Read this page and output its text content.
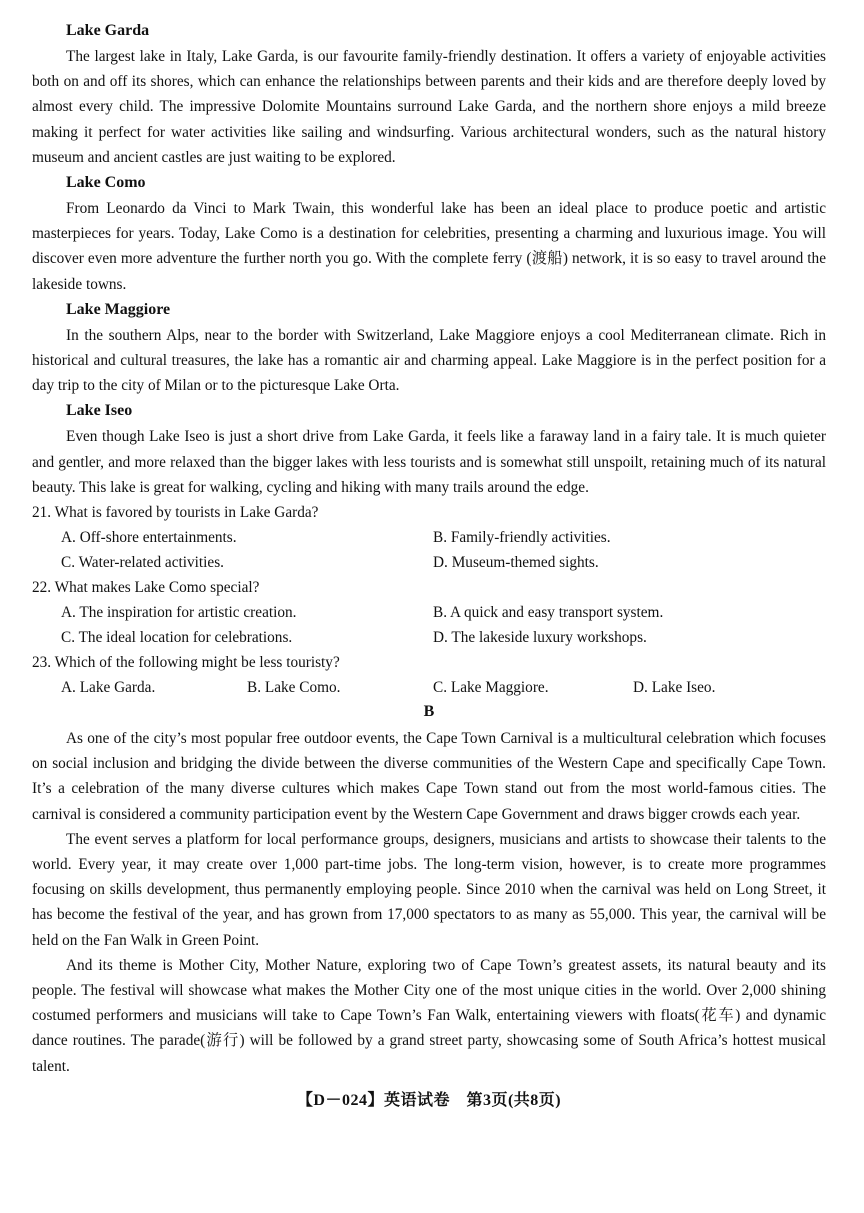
Lake Garda

The largest lake in Italy, Lake Garda, is our favourite family-friendly destination. It offers a variety of enjoyable activities both on and off its shores, which can enhance the relationships between parents and their kids and are therefore deeply loved by almost every child. The impressive Dolomite Mountains surround Lake Garda, and the northern shore enjoys a mild breeze making it perfect for water activities like sailing and windsurfing. Various architectural wonders, such as the natural history museum and ancient castles are just waiting to be explored.

Lake Como

From Leonardo da Vinci to Mark Twain, this wonderful lake has been an ideal place to produce poetic and artistic masterpieces for years. Today, Lake Como is a destination for celebrities, presenting a charming and luxurious image. You will discover even more adventure the further north you go. With the complete ferry (渡船) network, it is so easy to travel around the lakeside towns.

Lake Maggiore

In the southern Alps, near to the border with Switzerland, Lake Maggiore enjoys a cool Mediterranean climate. Rich in historical and cultural treasures, the lake has a romantic air and charming appeal. Lake Maggiore is in the perfect position for a day trip to the city of Milan or to the picturesque Lake Orta.

Lake Iseo

Even though Lake Iseo is just a short drive from Lake Garda, it feels like a faraway land in a fairy tale. It is much quieter and gentler, and more relaxed than the bigger lakes with less tourists and is somewhat still unspoilt, retaining much of its natural beauty. This lake is great for walking, cycling and hiking with many trails around the edge.

21. What is favored by tourists in Lake Garda?

A. Off-shore entertainments.	B. Family-friendly activities.
C. Water-related activities.	D. Museum-themed sights.

22. What makes Lake Como special?

A. The inspiration for artistic creation.	B. A quick and easy transport system.
C. The ideal location for celebrations.	D. The lakeside luxury workshops.

23. Which of the following might be less touristy?

A. Lake Garda.	B. Lake Como.	C. Lake Maggiore.	D. Lake Iseo.
B

As one of the city’s most popular free outdoor events, the Cape Town Carnival is a multicultural celebration which focuses on social inclusion and bridging the divide between the diverse communities of the Western Cape and specifically Cape Town. It’s a celebration of the many diverse cultures which makes Cape Town stand out from the most world-famous cities. The carnival is considered a community participation event by the Western Cape Government and draws bigger crowds each year.

The event serves a platform for local performance groups, designers, musicians and artists to showcase their talents to the world. Every year, it may create over 1,000 part-time jobs. The long-term vision, however, is to create more programmes focusing on skills development, thus permanently employing people. Since 2010 when the carnival was held on Long Street, it has become the festival of the year, and has grown from 17,000 spectators to as many as 55,000. This year, the carnival will be held on the Fan Walk in Green Point.

And its theme is Mother City, Mother Nature, exploring two of Cape Town’s greatest assets, its natural beauty and its people. The festival will showcase what makes the Mother City one of the most unique cities in the world. Over 2,000 shining costumed performers and musicians will take to Cape Town’s Fan Walk, entertaining viewers with floats(花车) and dynamic dance routines. The parade(游行) will be followed by a grand street party, showcasing some of South Africa’s hottest musical talent.

【D－024】英语试卷　第3页(共8页)
